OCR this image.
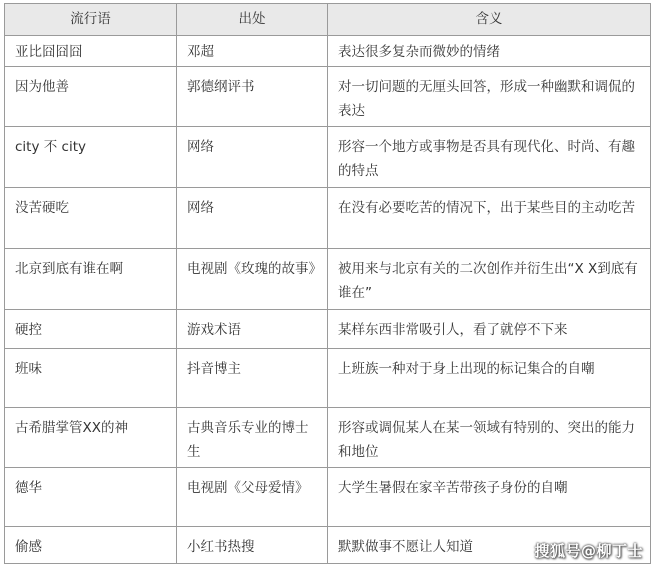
流行语	出处	含义
亚比囧囧囧	邓超	表达很多复杂而微妙的情绪
因为他善	郭德纲评书	对一切问题的无厘头回答，形成一种幽默和调侃的表达
city 不 city	网络	形容一个地方或事物是否具有现代化、时尚、有趣的特点
没苦硬吃	网络	在没有必要吃苦的情况下，出于某些目的主动吃苦
北京到底有谁在啊	电视剧《玫瑰的故事》	被用来与北京有关的二次创作并衍生出“X X到底有谁在”
硬控	游戏术语	某样东西非常吸引人，看了就停不下来
班味	抖音博主	上班族一种对于身上出现的标记集合的自嘲
古希腊掌管XX的神	古典音乐专业的博士生	形容或调侃某人在某一领域有特别的、突出的能力和地位
德华	电视剧《父母爱情》	大学生暑假在家辛苦带孩子身份的自嘲
偷感	小红书热搜	默默做事不愿让人知道	搜狐号@柳丁士
